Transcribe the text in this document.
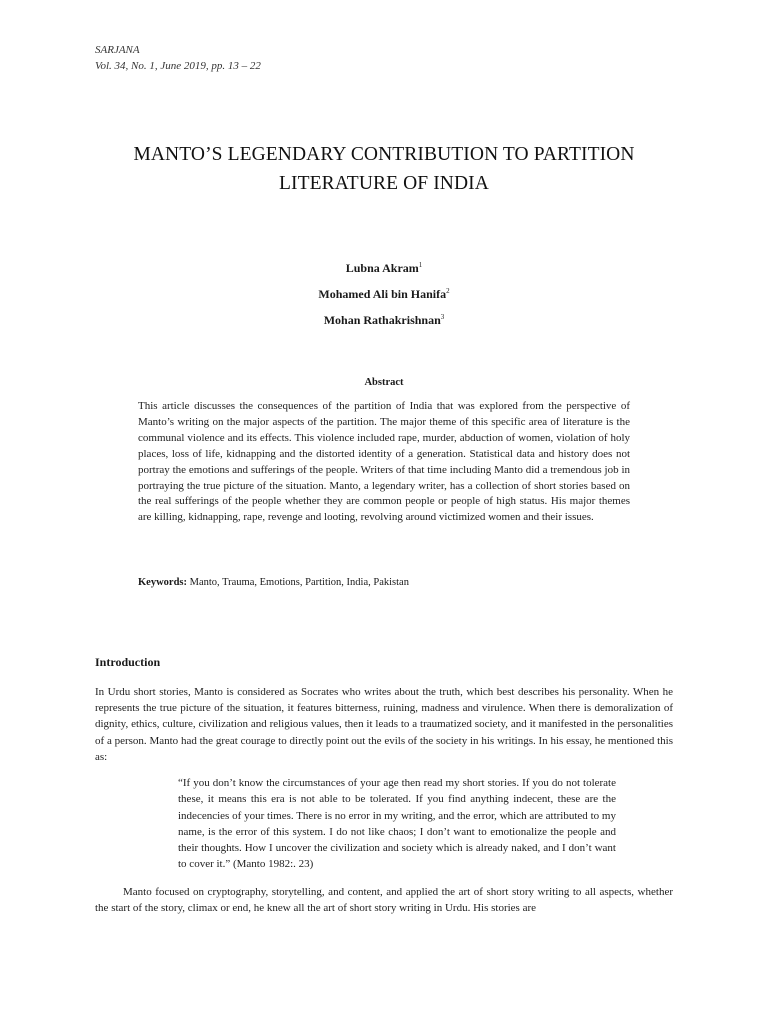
SARJANA
Vol. 34, No. 1, June 2019, pp. 13 – 22
MANTO’S LEGENDARY CONTRIBUTION TO PARTITION
LITERATURE OF INDIA
Lubna Akram$^1$
Mohamed Ali bin Hanifa$^2$
Mohan Rathakrishnan$^3$
Abstract
This article discusses the consequences of the partition of India that was explored from the perspective of Manto’s writing on the major aspects of the partition. The major theme of this specific area of literature is the communal violence and its effects. This violence included rape, murder, abduction of women, violation of holy places, loss of life, kidnapping and the distorted identity of a generation. Statistical data and history does not portray the emotions and sufferings of the people. Writers of that time including Manto did a tremendous job in portraying the true picture of the situation. Manto, a legendary writer, has a collection of short stories based on the real sufferings of the people whether they are common people or people of high status. His major themes are killing, kidnapping, rape, revenge and looting, revolving around victimized women and their issues.
Keywords: Manto, Trauma, Emotions, Partition, India, Pakistan
Introduction
In Urdu short stories, Manto is considered as Socrates who writes about the truth, which best describes his personality. When he represents the true picture of the situation, it features bitterness, ruining, madness and virulence. When there is demoralization of dignity, ethics, culture, civilization and religious values, then it leads to a traumatized society, and it manifested in the personalities of a person. Manto had the great courage to directly point out the evils of the society in his writings. In his essay, he mentioned this as:
“If you don’t know the circumstances of your age then read my short stories. If you do not tolerate these, it means this era is not able to be tolerated. If you find anything indecent, these are the indecencies of your times. There is no error in my writing, and the error, which are attributed to my name, is the error of this system. I do not like chaos; I don’t want to emotionalize the people and their thoughts. How I uncover the civilization and society which is already naked, and I don’t want to cover it.” (Manto 1982:. 23)
Manto focused on cryptography, storytelling, and content, and applied the art of short story writing to all aspects, whether the start of the story, climax or end, he knew all the art of short story writing in Urdu. His stories are
